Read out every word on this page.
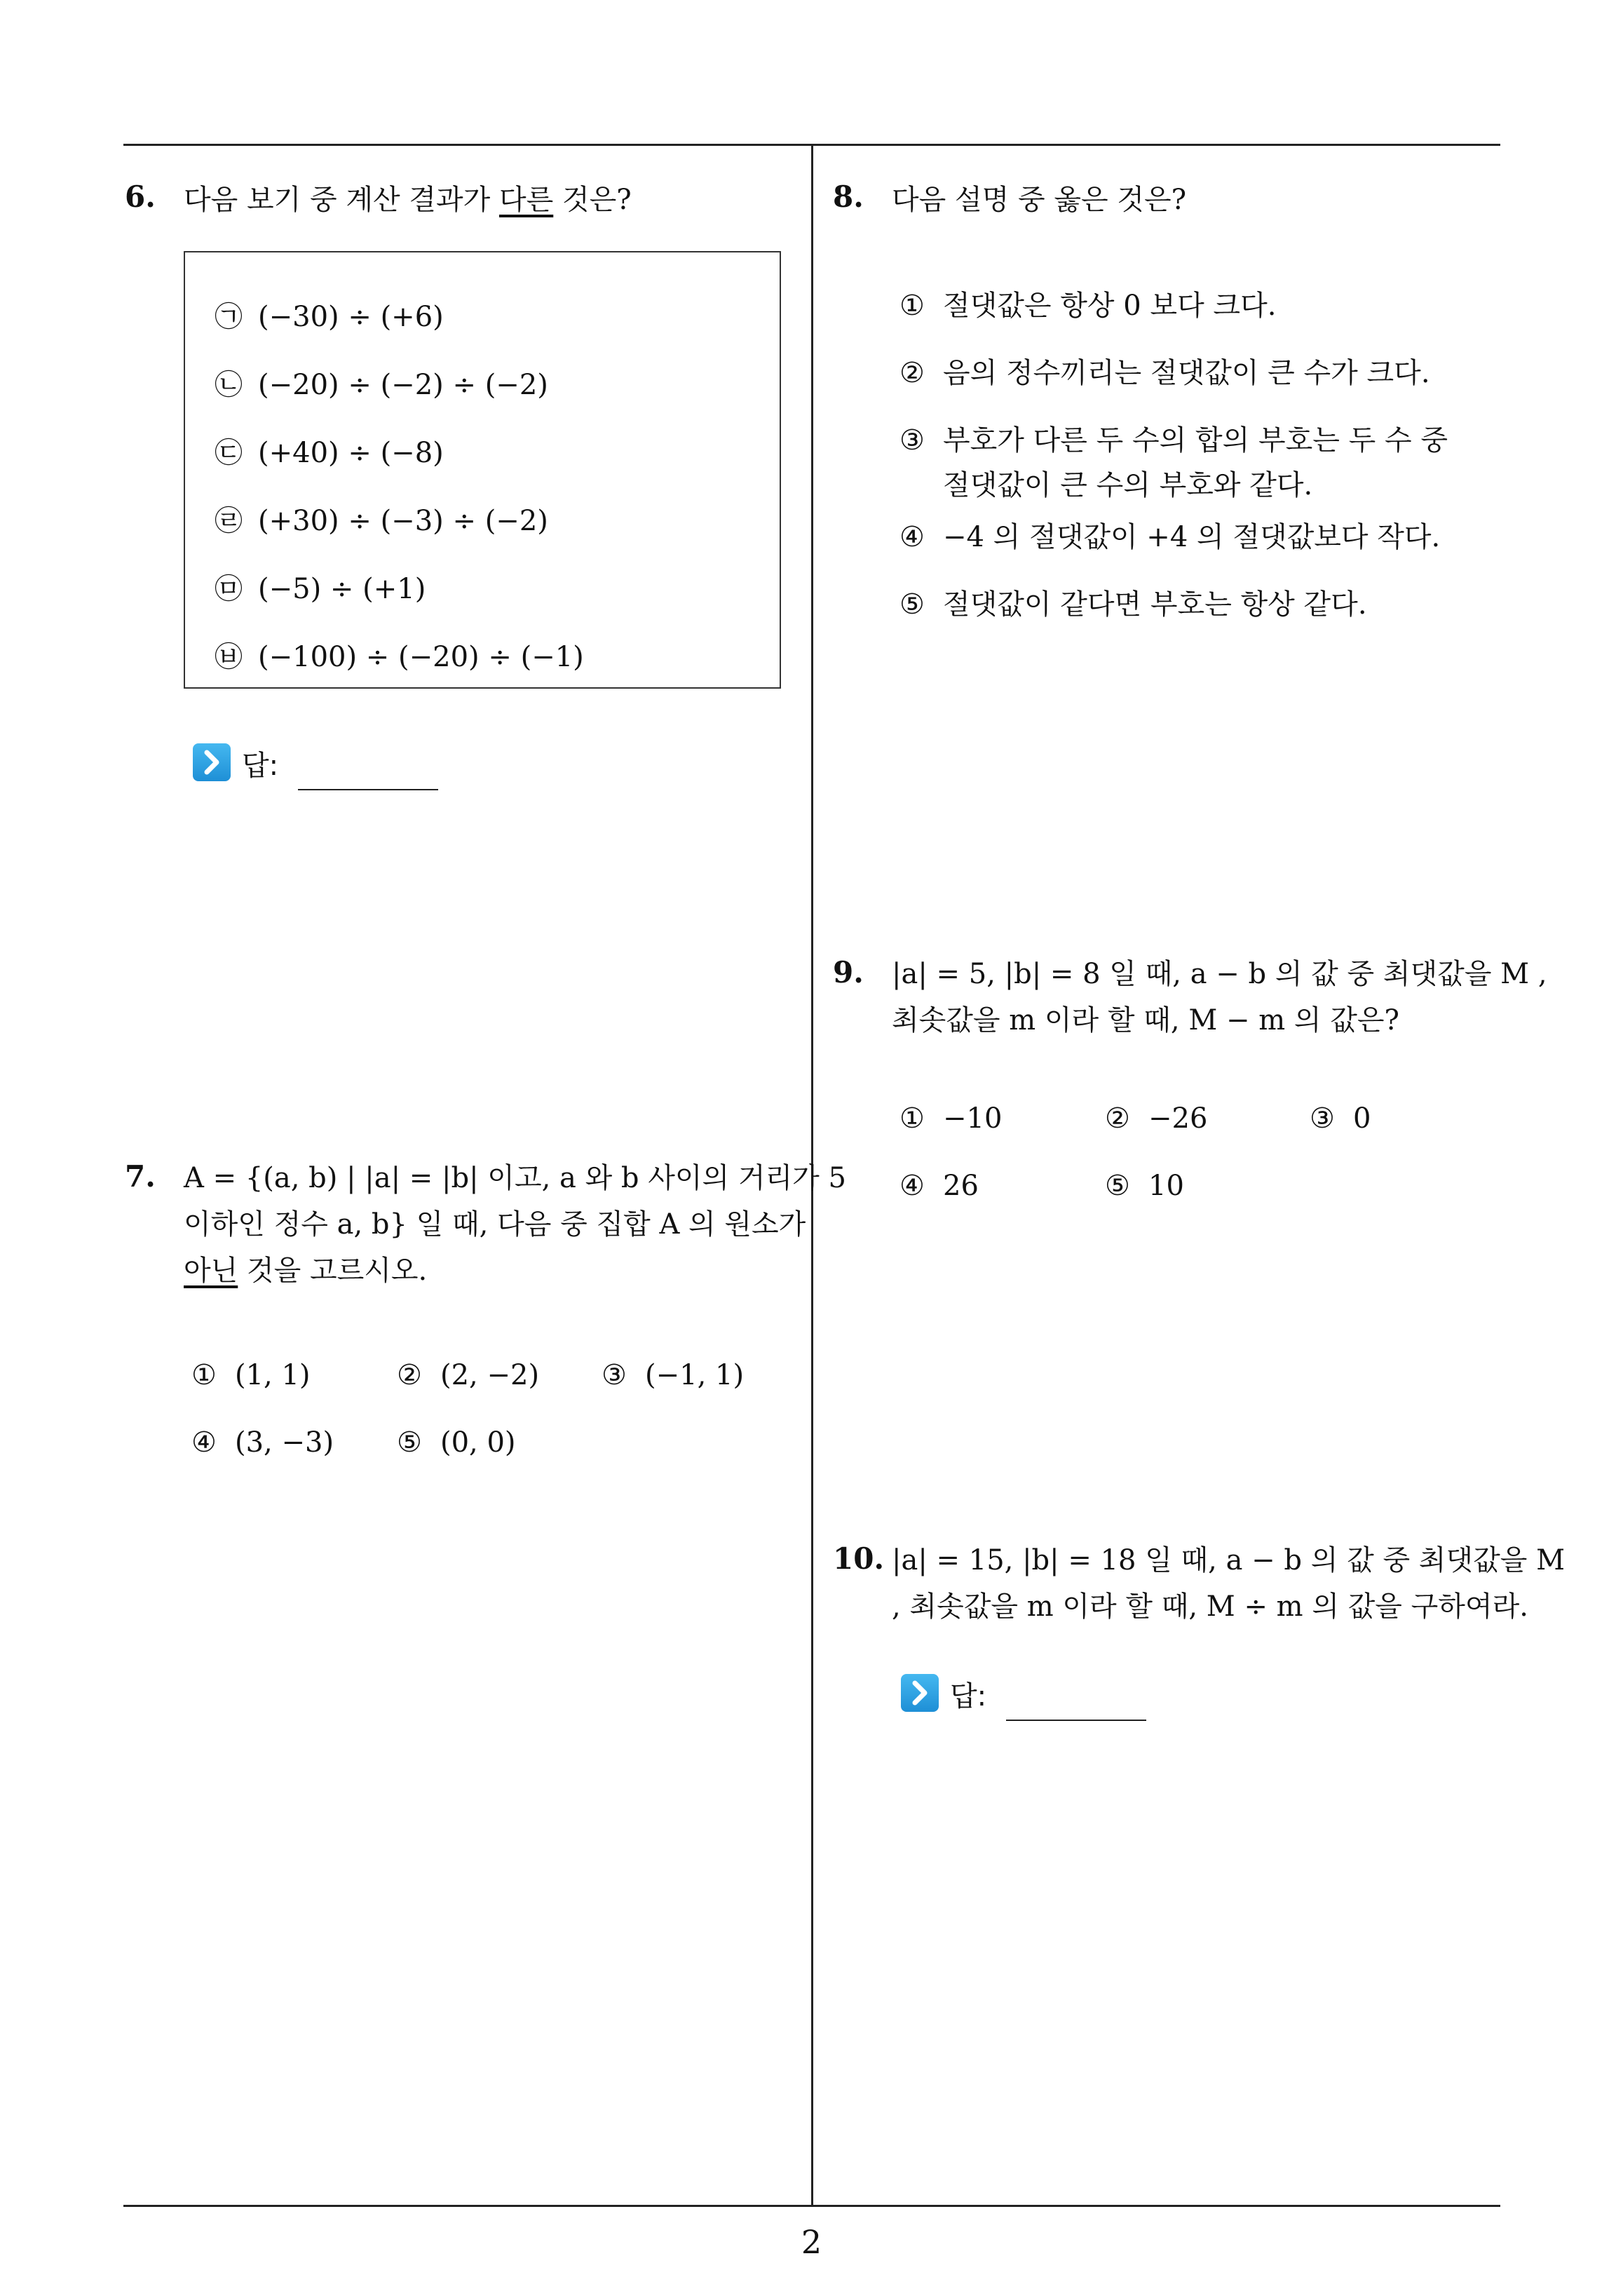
6. 다음 보기 중 계산 결과가 다른 것은?
㉠ (−30) ÷ (+6)
㉡ (−20) ÷ (−2) ÷ (−2)
㉢ (+40) ÷ (−8)
㉣ (+30) ÷ (−3) ÷ (−2)
㉤ (−5) ÷ (+1)
㉥ (−100) ÷ (−20) ÷ (−1)
답:
7. A = {(a, b) | |a| = |b| 이고, a 와 b 사이의 거리가 5
이하인 정수 a, b} 일 때, 다음 중 집합 A 의 원소가
아닌 것을 고르시오.
① (1, 1)	② (2, −2) ③ (−1, 1)
④ (3, −3) ⑤ (0, 0)
8. 다음 설명 중 옳은 것은?
① 절댓값은 항상 0 보다 크다.
② 음의 정수끼리는 절댓값이 큰 수가 크다.
③ 부호가 다른 두 수의 합의 부호는 두 수 중
절댓값이 큰 수의 부호와 같다.
④ −4 의 절댓값이 +4 의 절댓값보다 작다.
⑤ 절댓값이 같다면 부호는 항상 같다.
9. |a| = 5, |b| = 8 일 때, a − b 의 값 중 최댓값을 M ,
최솟값을 m 이라 할 때, M − m 의 값은?
① −10	② −26	③ 0
④ 26	⑤ 10
10. |a| = 15, |b| = 18 일 때, a − b 의 값 중 최댓값을 M
, 최솟값을 m 이라 할 때, M ÷ m 의 값을 구하여라.
답:
2
